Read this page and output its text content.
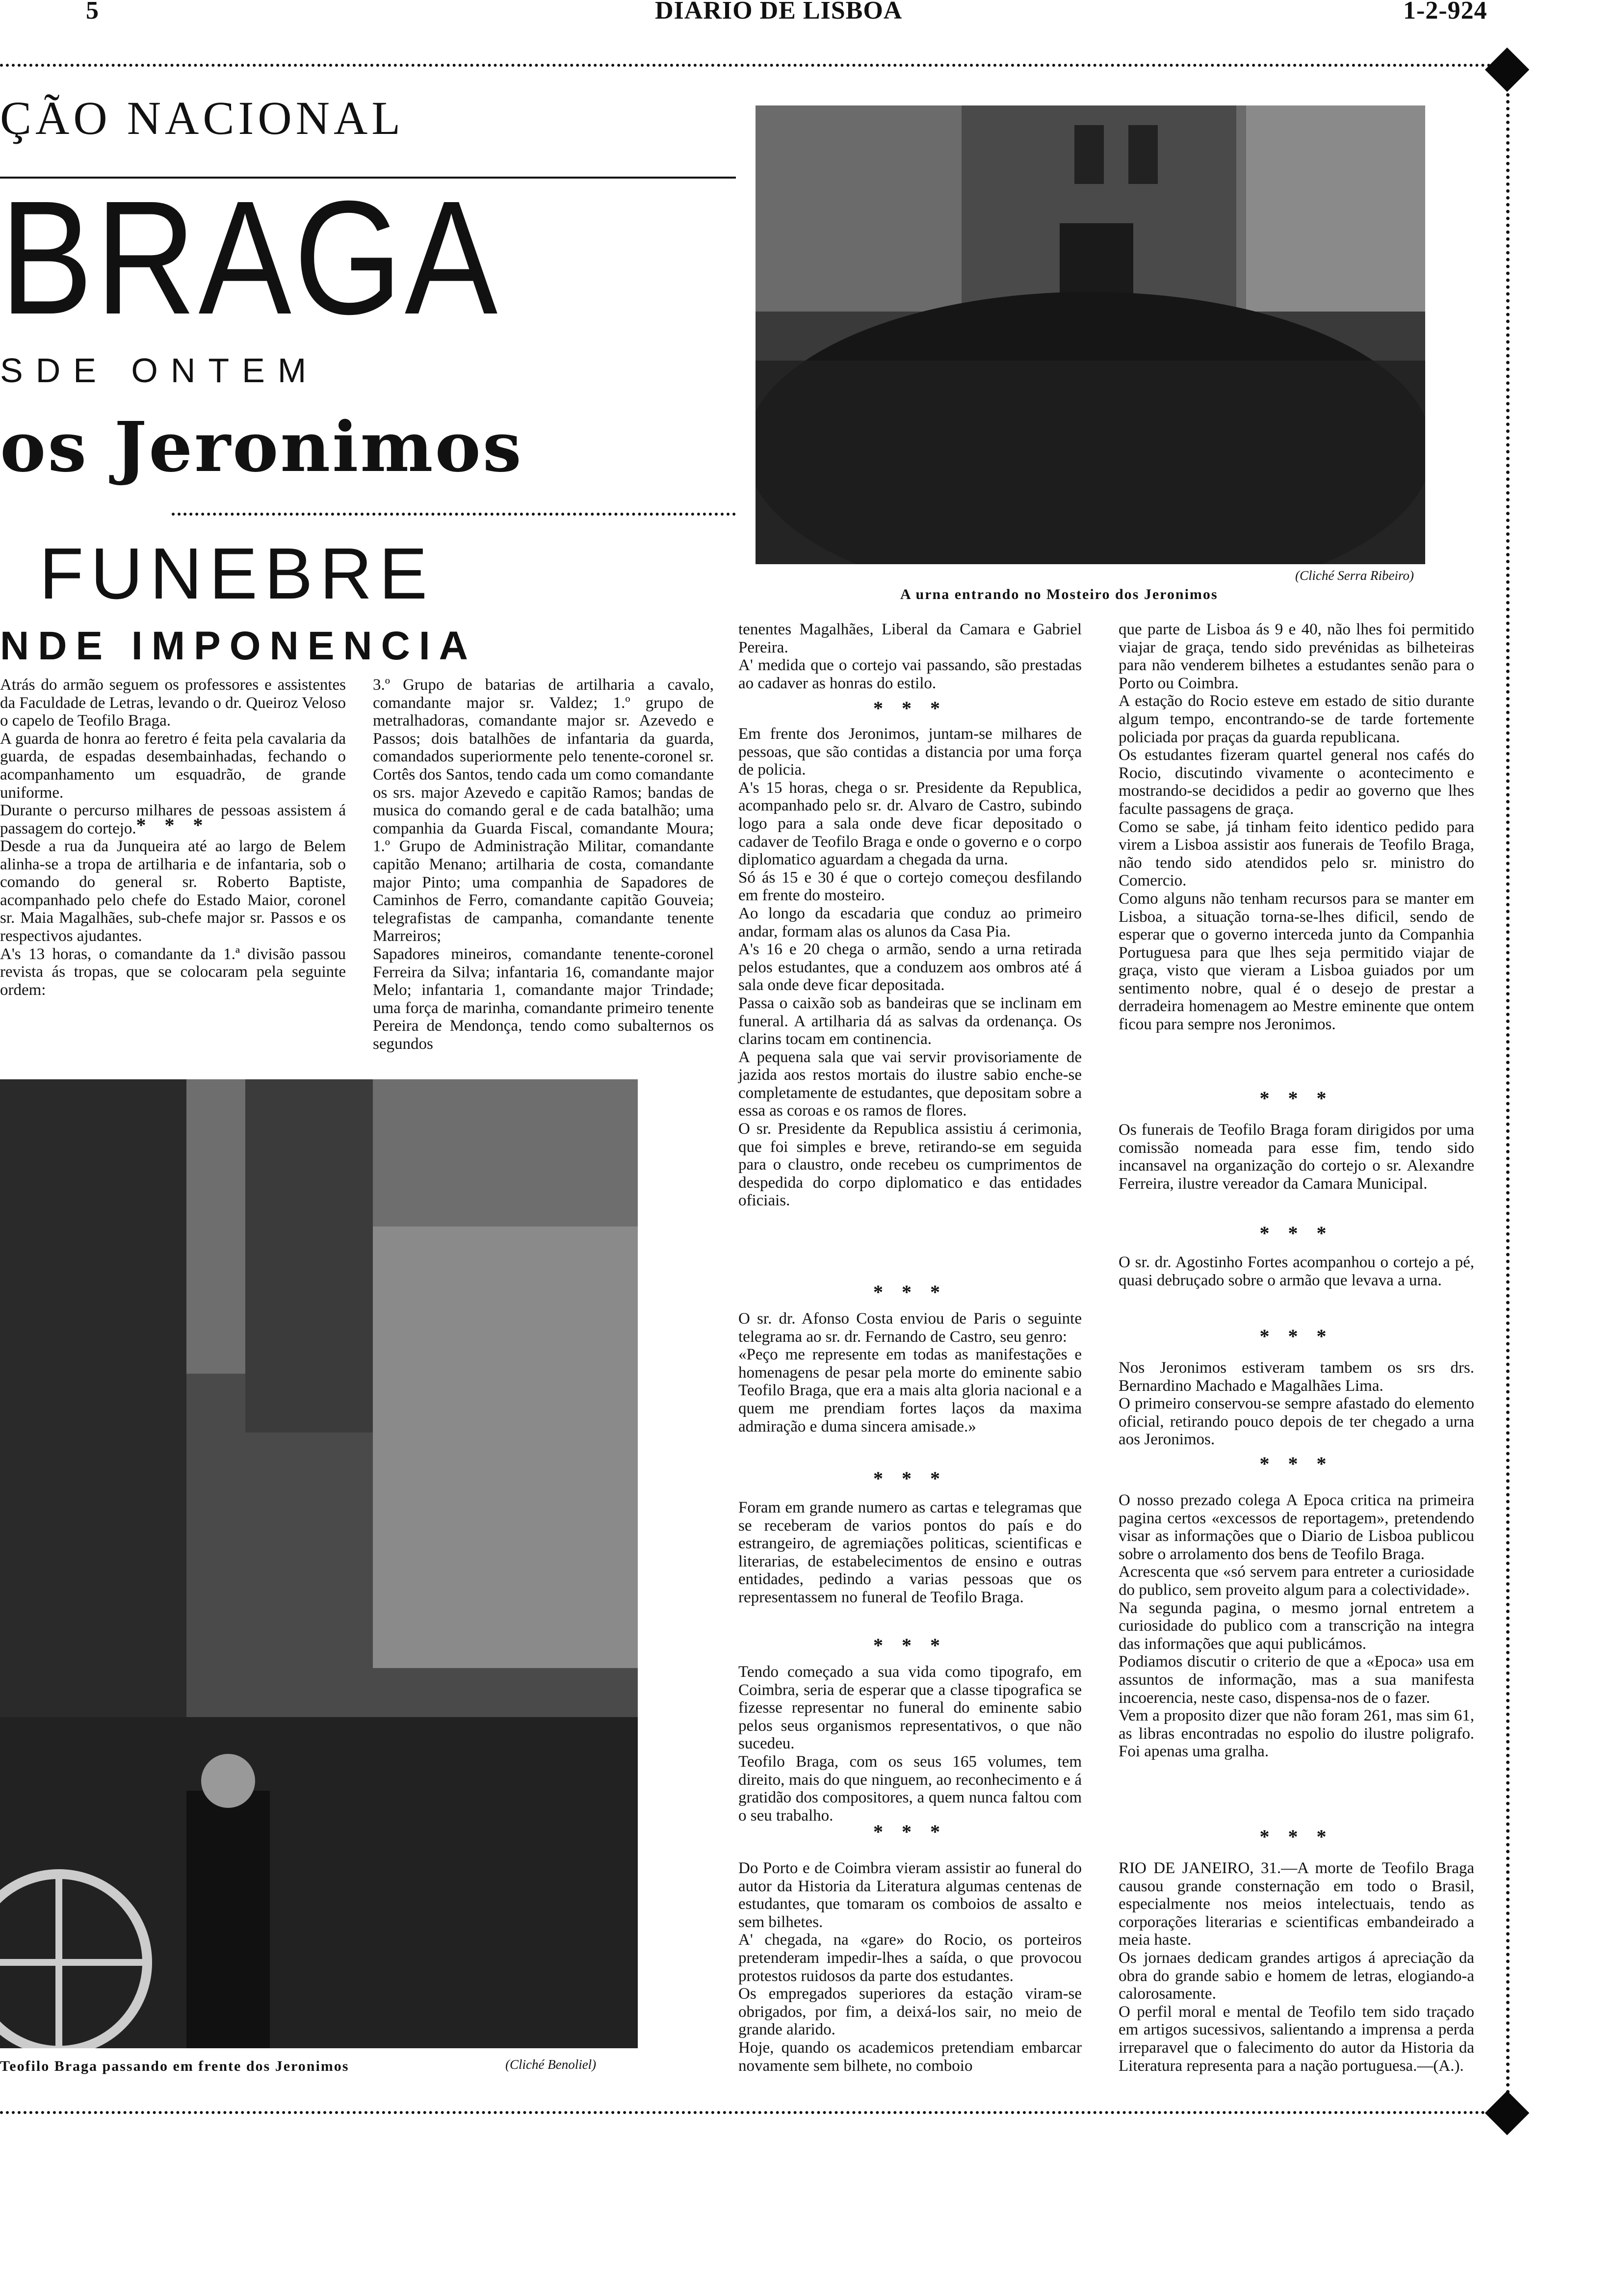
5	DIARIO DE LISBOA	1-2-924
ÇÃO NACIONAL
BRAGA
SDE ONTEM
os Jeronimos
FUNEBRE
NDE IMPONENCIA
(Cliché Serra Ribeiro)
A urna entrando no Mosteiro dos Jeronimos
Atrás do armão seguem os professores e assistentes da Faculdade de Letras, levando o dr. Queiroz Veloso o capelo de Teofilo Braga.
A guarda de honra ao feretro é feita pela cavalaria da guarda, de espadas desembainhadas, fechando o acompanhamento um esquadrão, de grande uniforme.
Durante o percurso milhares de pessoas assistem á passagem do cortejo. * * *
Desde a rua da Junqueira até ao largo de Belem alinha-se a tropa de artilharia e de infantaria, sob o comando do general sr. Roberto Baptiste, acompanhado pelo chefe do Estado Maior, coronel sr. Maia Magalhães, sub-chefe major sr. Passos e os respectivos ajudantes.
A's 13 horas, o comandante da 1.ª divisão passou revista ás tropas, que se colocaram pela seguinte ordem:
3.º Grupo de batarias de artilharia a cavalo, comandante major sr. Valdez; 1.º grupo de metralhadoras, comandante major sr. Azevedo e Passos; dois batalhões de infantaria da guarda, comandados superiormente pelo tenente-coronel sr. Cortês dos Santos, tendo cada um como comandante os srs. major Azevedo e capitão Ramos; bandas de musica do comando geral e de cada batalhão; uma companhia da Guarda Fiscal, comandante Moura; 1.º Grupo de Administração Militar, comandante capitão Menano; artilharia de costa, comandante major Pinto; uma companhia de Sapadores de Caminhos de Ferro, comandante capitão Gouveia; telegrafistas de campanha, comandante tenente Marreiros;
Sapadores mineiros, comandante tenente-coronel Ferreira da Silva; infantaria 16, comandante major Melo; infantaria 1, comandante major Trindade; uma força de marinha, comandante primeiro tenente Pereira de Mendonça, tendo como subalternos os segundos
Teofilo Braga passando em frente dos Jeronimos	(Cliché Benoliel)
tenentes Magalhães, Liberal da Camara e Gabriel Pereira.
A' medida que o cortejo vai passando, são prestadas ao cadaver as honras do estilo.
* * *
Em frente dos Jeronimos, juntam-se milhares de pessoas, que são contidas a distancia por uma força de policia.
A's 15 horas, chega o sr. Presidente da Republica, acompanhado pelo sr. dr. Alvaro de Castro, subindo logo para a sala onde deve ficar depositado o cadaver de Teofilo Braga e onde o governo e o corpo diplomatico aguardam a chegada da urna.
Só ás 15 e 30 é que o cortejo começou desfilando em frente do mosteiro.
Ao longo da escadaria que conduz ao primeiro andar, formam alas os alunos da Casa Pia.
A's 16 e 20 chega o armão, sendo a urna retirada pelos estudantes, que a conduzem aos ombros até á sala onde deve ficar depositada.
Passa o caixão sob as bandeiras que se inclinam em funeral. A artilharia dá as salvas da ordenança. Os clarins tocam em continencia.
A pequena sala que vai servir provisoriamente de jazida aos restos mortais do ilustre sabio enche-se completamente de estudantes, que depositam sobre a essa as coroas e os ramos de flores.
O sr. Presidente da Republica assistiu á cerimonia, que foi simples e breve, retirando-se em seguida para o claustro, onde recebeu os cumprimentos de despedida do corpo diplomatico e das entidades oficiais.
* * *
O sr. dr. Afonso Costa enviou de Paris o seguinte telegrama ao sr. dr. Fernando de Castro, seu genro:
«Peço me represente em todas as manifestações e homenagens de pesar pela morte do eminente sabio Teofilo Braga, que era a mais alta gloria nacional e a quem me prendiam fortes laços da maxima admiração e duma sincera amisade.»
* * *
Foram em grande numero as cartas e telegramas que se receberam de varios pontos do país e do estrangeiro, de agremiações politicas, scientificas e literarias, de estabelecimentos de ensino e outras entidades, pedindo a varias pessoas que os representassem no funeral de Teofilo Braga.
* * *
Tendo começado a sua vida como tipografo, em Coimbra, seria de esperar que a classe tipografica se fizesse representar no funeral do eminente sabio pelos seus organismos representativos, o que não sucedeu.
Teofilo Braga, com os seus 165 volumes, tem direito, mais do que ninguem, ao reconhecimento e á gratidão dos compositores, a quem nunca faltou com o seu trabalho.
* * *
Do Porto e de Coimbra vieram assistir ao funeral do autor da Historia da Literatura algumas centenas de estudantes, que tomaram os comboios de assalto e sem bilhetes.
A' chegada, na «gare» do Rocio, os porteiros pretenderam impedir-lhes a saída, o que provocou protestos ruidosos da parte dos estudantes.
Os empregados superiores da estação viram-se obrigados, por fim, a deixá-los sair, no meio de grande alarido.
Hoje, quando os academicos pretendiam embarcar novamente sem bilhete, no comboio
que parte de Lisboa ás 9 e 40, não lhes foi permitido viajar de graça, tendo sido prevénidas as bilheteiras para não venderem bilhetes a estudantes senão para o Porto ou Coimbra.
A estação do Rocio esteve em estado de sitio durante algum tempo, encontrando-se de tarde fortemente policiada por praças da guarda republicana.
Os estudantes fizeram quartel general nos cafés do Rocio, discutindo vivamente o acontecimento e mostrando-se decididos a pedir ao governo que lhes faculte passagens de graça.
Como se sabe, já tinham feito identico pedido para virem a Lisboa assistir aos funerais de Teofilo Braga, não tendo sido atendidos pelo sr. ministro do Comercio.
Como alguns não tenham recursos para se manter em Lisboa, a situação torna-se-lhes dificil, sendo de esperar que o governo interceda junto da Companhia Portuguesa para que lhes seja permitido viajar de graça, visto que vieram a Lisboa guiados por um sentimento nobre, qual é o desejo de prestar a derradeira homenagem ao Mestre eminente que ontem ficou para sempre nos Jeronimos.
* * *
Os funerais de Teofilo Braga foram dirigidos por uma comissão nomeada para esse fim, tendo sido incansavel na organização do cortejo o sr. Alexandre Ferreira, ilustre vereador da Camara Municipal.
* * *
O sr. dr. Agostinho Fortes acompanhou o cortejo a pé, quasi debruçado sobre o armão que levava a urna.
* * *
Nos Jeronimos estiveram tambem os srs drs. Bernardino Machado e Magalhães Lima.
O primeiro conservou-se sempre afastado do elemento oficial, retirando pouco depois de ter chegado a urna aos Jeronimos.
* * *
O nosso prezado colega A Epoca critica na primeira pagina certos «excessos de reportagem», pretendendo visar as informações que o Diario de Lisboa publicou sobre o arrolamento dos bens de Teofilo Braga.
Acrescenta que «só servem para entreter a curiosidade do publico, sem proveito algum para a colectividade».
Na segunda pagina, o mesmo jornal entretem a curiosidade do publico com a transcrição na integra das informações que aqui publicámos.
Podiamos discutir o criterio de que a «Epoca» usa em assuntos de informação, mas a sua manifesta incoerencia, neste caso, dispensa-nos de o fazer.
Vem a proposito dizer que não foram 261, mas sim 61, as libras encontradas no espolio do ilustre poligrafo. Foi apenas uma gralha.
* * *
RIO DE JANEIRO, 31.—A morte de Teofilo Braga causou grande consternação em todo o Brasil, especialmente nos meios intelectuais, tendo as corporações literarias e scientificas embandeirado a meia haste.
Os jornaes dedicam grandes artigos á apreciação da obra do grande sabio e homem de letras, elogiando-a calorosamente.
O perfil moral e mental de Teofilo tem sido traçado em artigos sucessivos, salientando a imprensa a perda irreparavel que o falecimento do autor da Historia da Literatura representa para a nação portuguesa.—(A.).
